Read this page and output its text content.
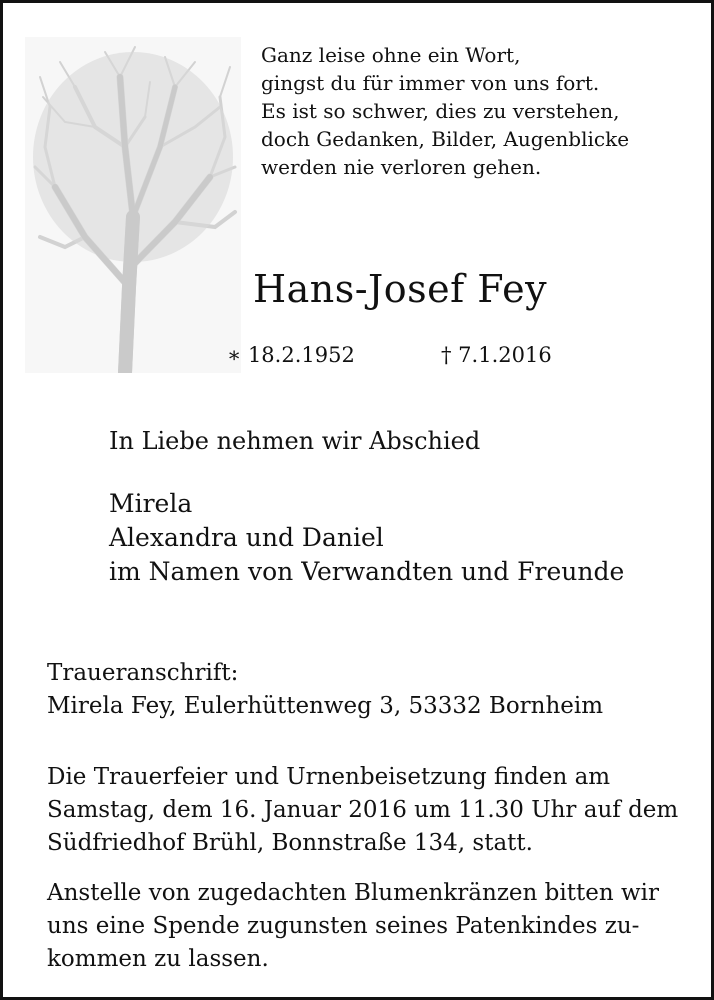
Ganz leise ohne ein Wort,
gingst du für immer von uns fort.
Es ist so schwer, dies zu verstehen,
doch Gedanken, Bilder, Augenblicke
werden nie verloren gehen.
Hans-Josef Fey
∗ 18.2.1952	† 7.1.2016
In Liebe nehmen wir Abschied
Mirela
Alexandra und Daniel
im Namen von Verwandten und Freunde
Traueranschrift:
Mirela Fey, Eulerhüttenweg 3, 53332 Bornheim
Die Trauerfeier und Urnenbeisetzung finden am
Samstag, dem 16. Januar 2016 um 11.30 Uhr auf dem
Südfriedhof Brühl, Bonnstraße 134, statt.
Anstelle von zugedachten Blumenkränzen bitten wir
uns eine Spende zugunsten seines Patenkindes zu-
kommen zu lassen.
